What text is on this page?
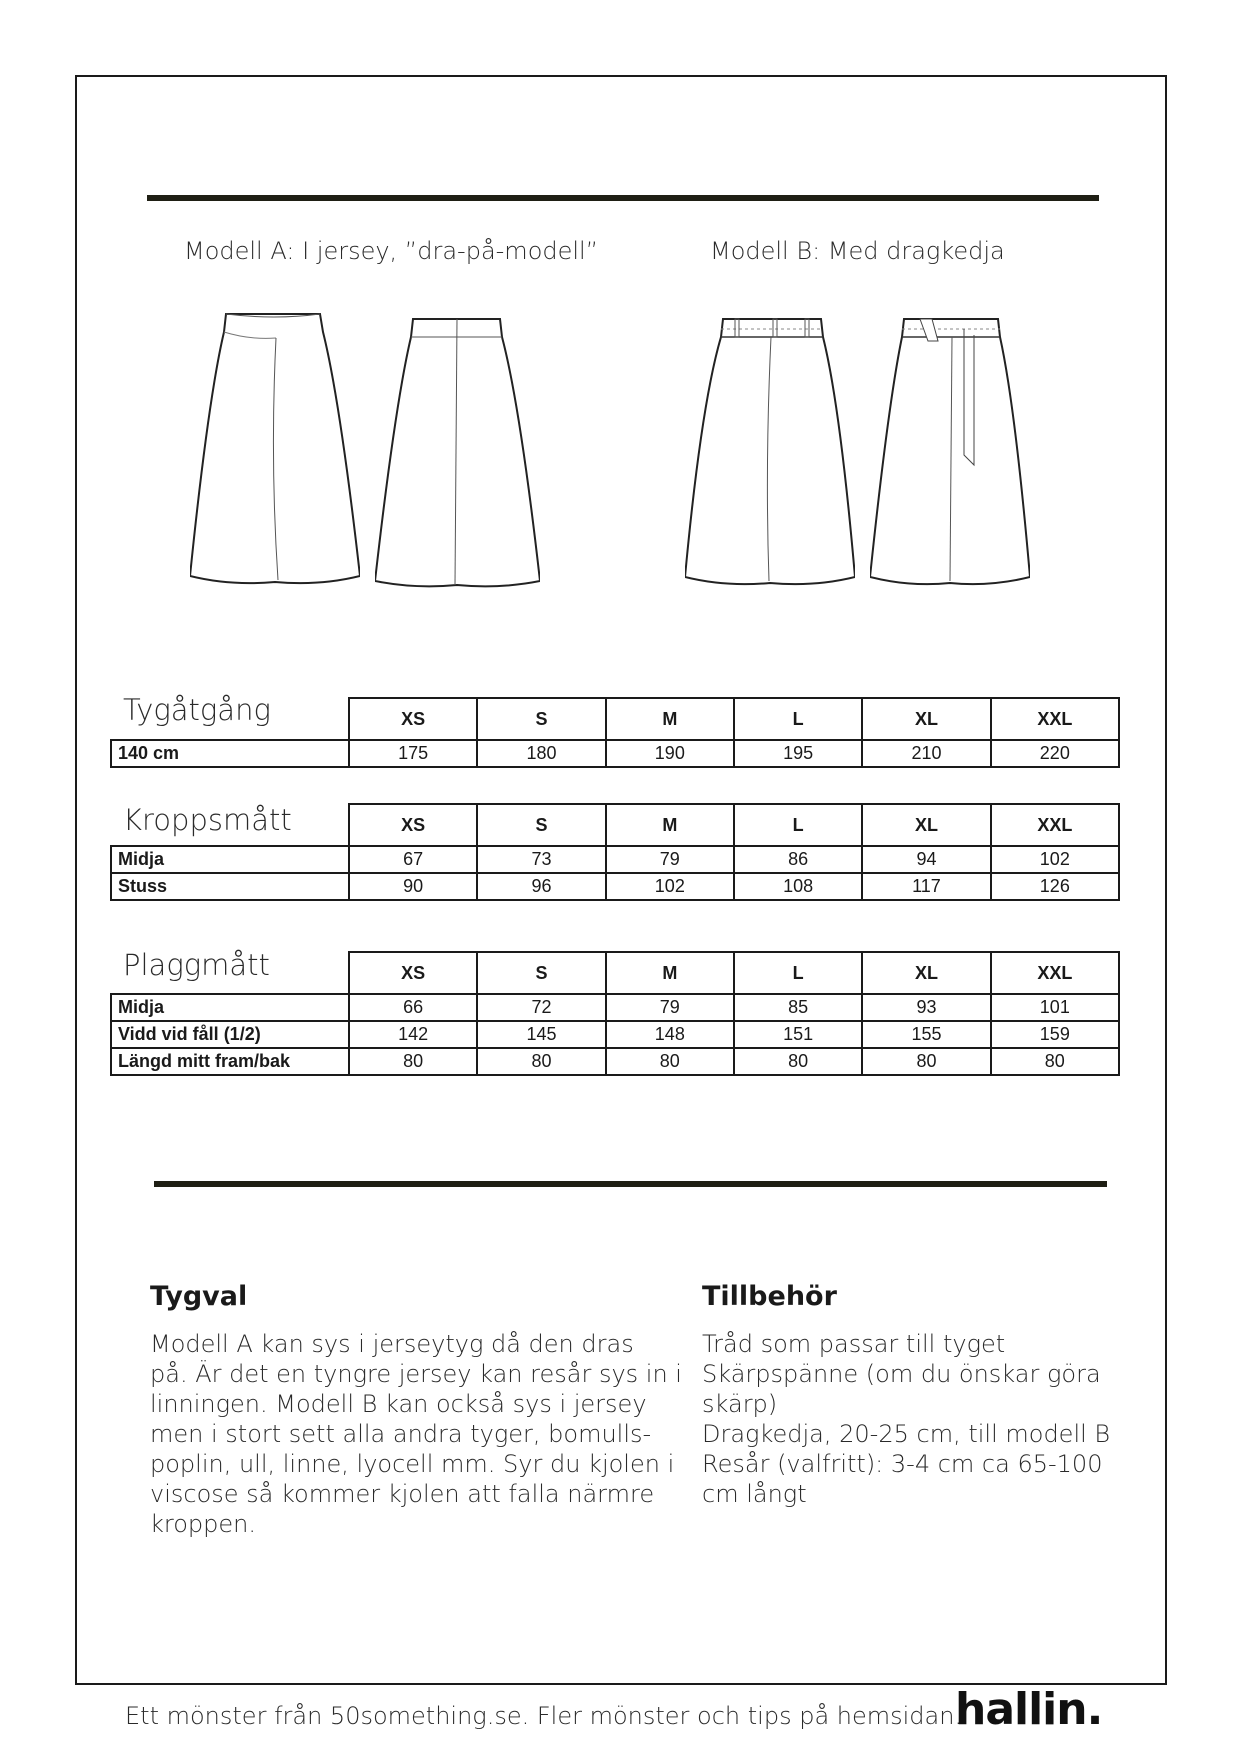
Modell A: I jersey, ”dra-på-modell”	Modell B: Med dragkedja
Tygåtgång
		XS	S	M	L	XL	XXL
140 cm	175	180	190	195	210	220
Kroppsmått
		XS	S	M	L	XL	XXL
Midja	67	73	79	86	94	102
Stuss	90	96	102	108	117	126
Plaggmått
		XS	S	M	L	XL	XXL
Midja	66	72	79	85	93	101
Vidd vid fåll (1/2)	142	145	148	151	155	159
Längd mitt fram/bak	80	80	80	80	80	80
Tygval
Modell A kan sys i jerseytyg då den dras
på. Är det en tyngre jersey kan resår sys in i
linningen. Modell B kan också sys i jersey
men i stort sett alla andra tyger, bomulls-
poplin, ull, linne, lyocell mm. Syr du kjolen i
viscose så kommer kjolen att falla närmre
kroppen.
Tillbehör
Tråd som passar till tyget
Skärpspänne (om du önskar göra
skärp)
Dragkedja, 20-25 cm, till modell B
Resår (valfritt): 3-4 cm ca 65-100
cm långt
Ett mönster från 50something.se. Fler mönster och tips på hemsidan.
hallin.
